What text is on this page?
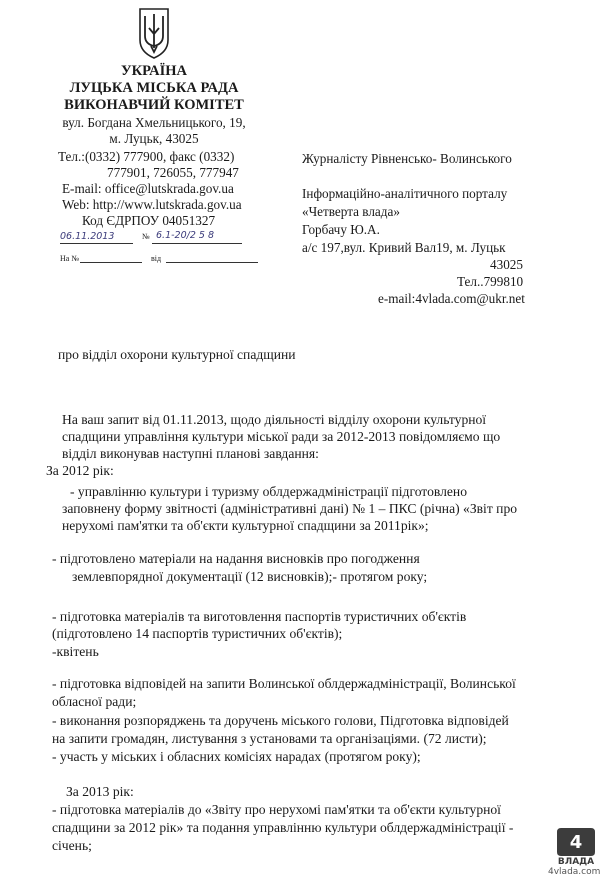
УКРАЇНА
ЛУЦЬКА МІСЬКА РАДА
ВИКОНАВЧИЙ КОМІТЕТ
вул. Богдана Хмельницького, 19,
м. Луцьк, 43025
Тел.:(0332) 777900, факс (0332)
777901, 726055, 777947
E-mail: office@lutskrada.gov.ua
Web: http://www.lutskrada.gov.ua
Код ЄДРПОУ 04051327
06.11.2013	№ 6.1-20/2 5 8
На №	від
Журналісту Рівненсько- Волинського
Інформаційно-аналітичного порталу
«Четверта влада»
Горбачу Ю.А.
а/с 197,вул. Кривий Вал19, м. Луцьк
43025
Тел..799810
e-mail:4vlada.com@ukr.net
про відділ охорони культурної спадщини
На ваш запит від 01.11.2013, щодо діяльності відділу охорони культурної
спадщини управління культури міської ради за 2012-2013 повідомляємо що
відділ виконував наступні планові завдання:
За 2012 рік:
- управлінню культури і туризму облдержадміністрації підготовлено
заповнену форму звітності (адміністративні дані) № 1 – ПКС (річна) «Звіт про
нерухомі пам'ятки та об'єкти культурної спадщини за 2011рік»;
- підготовлено матеріали на надання висновків про погодження
землевпорядної документації (12 висновків);- протягом року;
- підготовка матеріалів та виготовлення паспортів туристичних об'єктів
(підготовлено 14 паспортів туристичних об'єктів);
-квітень
- підготовка відповідей на запити Волинської облдержадміністрації, Волинської
обласної ради;
- виконання розпоряджень та доручень міського голови, Підготовка відповідей
на запити громадян, листування з установами та організаціями. (72 листи);
- участь у міських і обласних комісіях нарадах (протягом року);
За 2013 рік:
- підготовка матеріалів до «Звіту про нерухомі пам'ятки та об'єкти культурної
спадщини за 2012 рік» та подання управлінню культури облдержадміністрації -
січень;	4
ВЛАДА
4vlada.com
